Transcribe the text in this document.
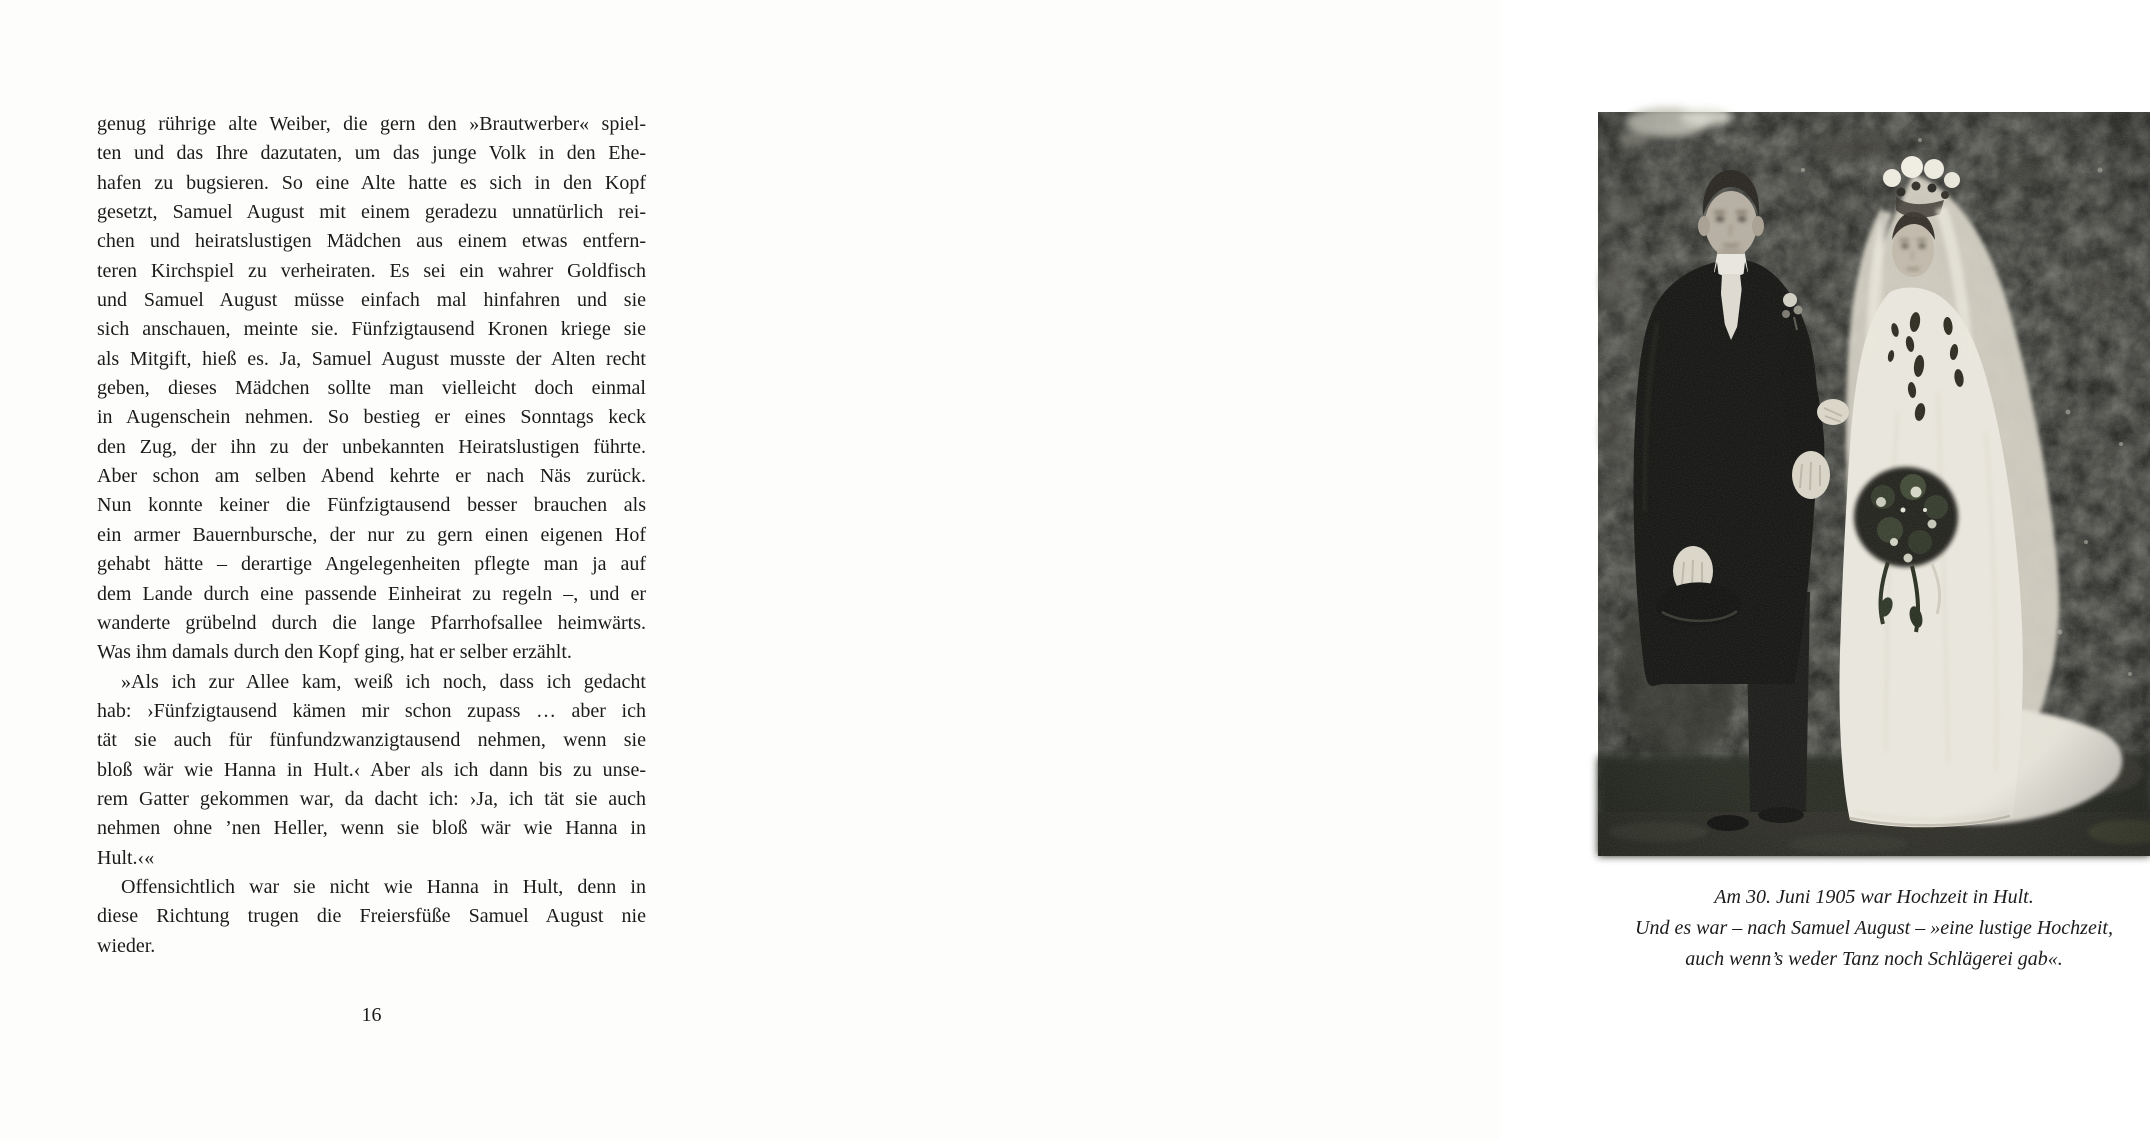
genug rührige alte Weiber, die gern den »Brautwerber« spiel-
ten und das Ihre dazutaten, um das junge Volk in den Ehe-
hafen zu bugsieren. So eine Alte hatte es sich in den Kopf
gesetzt, Samuel August mit einem geradezu unnatürlich rei-
chen und heiratslustigen Mädchen aus einem etwas entfern-
teren Kirchspiel zu verheiraten. Es sei ein wahrer Goldfisch
und Samuel August müsse einfach mal hinfahren und sie
sich anschauen, meinte sie. Fünfzigtausend Kronen kriege sie
als Mitgift, hieß es. Ja, Samuel August musste der Alten recht
geben, dieses Mädchen sollte man vielleicht doch einmal
in Augenschein nehmen. So bestieg er eines Sonntags keck
den Zug, der ihn zu der unbekannten Heiratslustigen führte.
Aber schon am selben Abend kehrte er nach Näs zurück.
Nun konnte keiner die Fünfzigtausend besser brauchen als
ein armer Bauernbursche, der nur zu gern einen eigenen Hof
gehabt hätte – derartige Angelegenheiten pflegte man ja auf
dem Lande durch eine passende Einheirat zu regeln –, und er
wanderte grübelnd durch die lange Pfarrhofsallee heimwärts.
Was ihm damals durch den Kopf ging, hat er selber erzählt.
»Als ich zur Allee kam, weiß ich noch, dass ich gedacht
hab: ›Fünfzigtausend kämen mir schon zupass … aber ich
tät sie auch für fünfundzwanzigtausend nehmen, wenn sie
bloß wär wie Hanna in Hult.‹ Aber als ich dann bis zu unse-
rem Gatter gekommen war, da dacht ich: ›Ja, ich tät sie auch
nehmen ohne ’nen Heller, wenn sie bloß wär wie Hanna in
Hult.‹«
Offensichtlich war sie nicht wie Hanna in Hult, denn in
diese Richtung trugen die Freiersfüße Samuel August nie
wieder.
16
Am 30. Juni 1905 war Hochzeit in Hult.
Und es war – nach Samuel August – »eine lustige Hochzeit,
auch wenn’s weder Tanz noch Schlägerei gab«.
